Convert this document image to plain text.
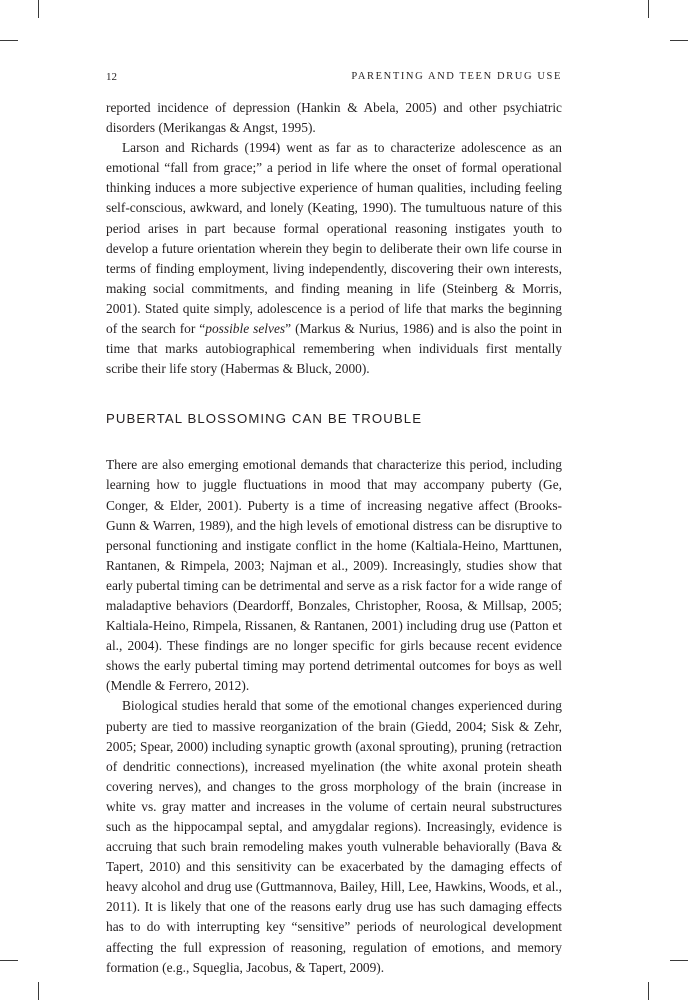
12	PARENTING AND TEEN DRUG USE

reported incidence of depression (Hankin & Abela, 2005) and other psychiatric disorders (Merikangas & Angst, 1995).

Larson and Richards (1994) went as far as to characterize adolescence as an emotional “fall from grace;” a period in life where the onset of formal operational thinking induces a more subjective experience of human qualities, including feeling self-conscious, awkward, and lonely (Keating, 1990). The tumultuous nature of this period arises in part because formal operational reasoning instigates youth to develop a future orientation wherein they begin to deliberate their own life course in terms of finding employment, living independently, discovering their own interests, making social commitments, and finding meaning in life (Steinberg & Morris, 2001). Stated quite simply, adolescence is a period of life that marks the beginning of the search for “possible selves” (Markus & Nurius, 1986) and is also the point in time that marks autobiographical remembering when individuals first mentally scribe their life story (Habermas & Bluck, 2000).

PUBERTAL BLOSSOMING CAN BE TROUBLE

There are also emerging emotional demands that characterize this period, including learning how to juggle fluctuations in mood that may accompany puberty (Ge, Conger, & Elder, 2001). Puberty is a time of increasing negative affect (Brooks-Gunn & Warren, 1989), and the high levels of emotional distress can be disruptive to personal functioning and instigate conflict in the home (Kaltiala-Heino, Marttunen, Rantanen, & Rimpela, 2003; Najman et al., 2009). Increasingly, studies show that early pubertal timing can be detrimental and serve as a risk factor for a wide range of maladaptive behaviors (Deardorff, Bonzales, Christopher, Roosa, & Millsap, 2005; Kaltiala-Heino, Rimpela, Rissanen, & Rantanen, 2001) including drug use (Patton et al., 2004). These findings are no longer specific for girls because recent evidence shows the early pubertal timing may portend detrimental outcomes for boys as well (Mendle & Ferrero, 2012).

Biological studies herald that some of the emotional changes experienced during puberty are tied to massive reorganization of the brain (Giedd, 2004; Sisk & Zehr, 2005; Spear, 2000) including synaptic growth (axonal sprouting), pruning (retraction of dendritic connections), increased myelination (the white axonal protein sheath covering nerves), and changes to the gross morphology of the brain (increase in white vs. gray matter and increases in the volume of certain neural substructures such as the hippocampal septal, and amygdalar regions). Increasingly, evidence is accruing that such brain remodeling makes youth vulnerable behaviorally (Bava & Tapert, 2010) and this sensitivity can be exacerbated by the damaging effects of heavy alcohol and drug use (Guttmannova, Bailey, Hill, Lee, Hawkins, Woods, et al., 2011). It is likely that one of the reasons early drug use has such damaging effects has to do with interrupting key “sensitive” periods of neurological development affecting the full expression of reasoning, regulation of emotions, and memory formation (e.g., Squeglia, Jacobus, & Tapert, 2009).
